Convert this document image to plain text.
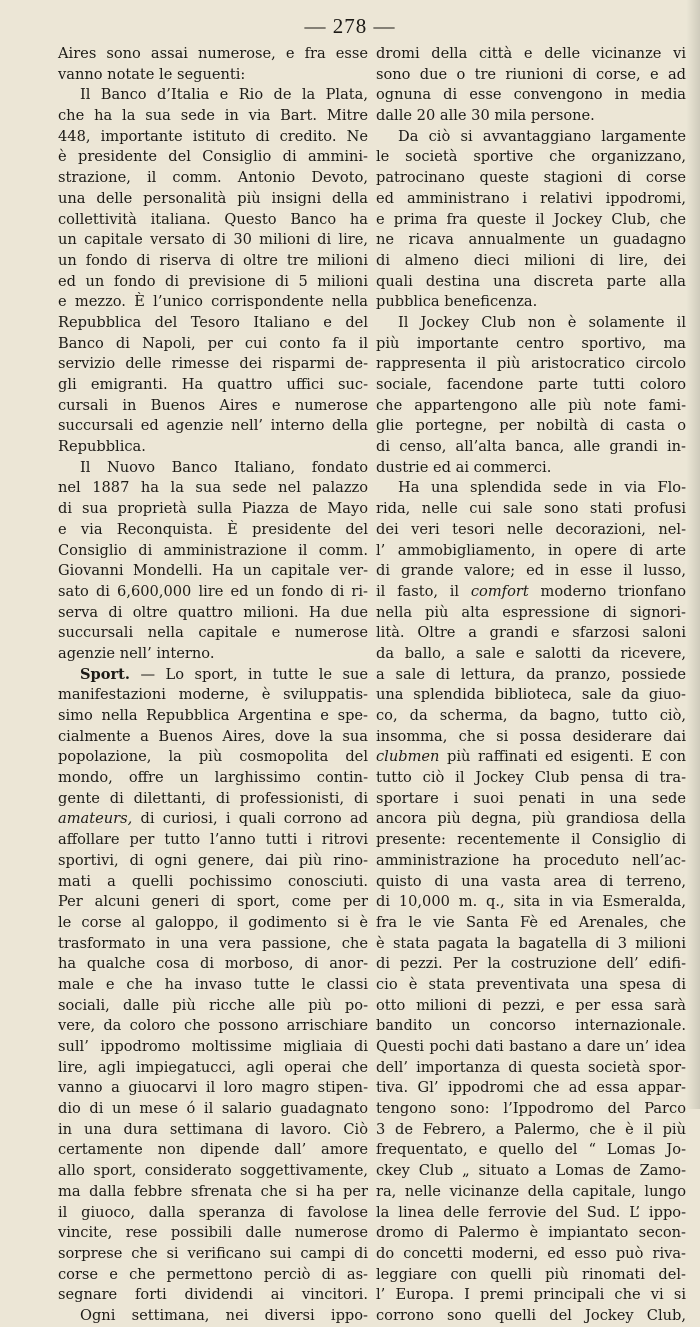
— 278 —
Aires sono assai numerose, e fra esse
vanno notate le seguenti:
Il Banco d’Italia e Rio de la Plata,
che ha la sua sede in via Bart. Mitre
448, importante istituto di credito. Ne
è presidente del Consiglio di ammini-
strazione, il comm. Antonio Devoto,
una delle personalità più insigni della
collettività italiana. Questo Banco ha
un capitale versato di 30 milioni di lire,
un fondo di riserva di oltre tre milioni
ed un fondo di previsione di 5 milioni
e mezzo. È l’unico corrispondente nella
Repubblica del Tesoro Italiano e del
Banco di Napoli, per cui conto fa il
servizio delle rimesse dei risparmi de-
gli emigranti. Ha quattro uffici suc-
cursali in Buenos Aires e numerose
succursali ed agenzie nell’ interno della
Repubblica.
Il Nuovo Banco Italiano, fondato
nel 1887 ha la sua sede nel palazzo
di sua proprietà sulla Piazza de Mayo
e via Reconquista. È presidente del
Consiglio di amministrazione il comm.
Giovanni Mondelli. Ha un capitale ver-
sato di 6,600,000 lire ed un fondo di ri-
serva di oltre quattro milioni. Ha due
succursali nella capitale e numerose
agenzie nell’ interno.
Sport. — Lo sport, in tutte le sue
manifestazioni moderne, è sviluppatis-
simo nella Repubblica Argentina e spe-
cialmente a Buenos Aires, dove la sua
popolazione, la più cosmopolita del
mondo, offre un larghissimo contin-
gente di dilettanti, di professionisti, di
amateurs, di curiosi, i quali corrono ad
affollare per tutto l’anno tutti i ritrovi
sportivi, di ogni genere, dai più rino-
mati a quelli pochissimo conosciuti.
Per alcuni generi di sport, come per
le corse al galoppo, il godimento si è
trasformato in una vera passione, che
ha qualche cosa di morboso, di anor-
male e che ha invaso tutte le classi
sociali, dalle più ricche alle più po-
vere, da coloro che possono arrischiare
sull’ ippodromo moltissime migliaia di
lire, agli impiegatucci, agli operai che
vanno a giuocarvi il loro magro stipen-
dio di un mese ó il salario guadagnato
in una dura settimana di lavoro. Ciò
certamente non dipende dall’ amore
allo sport, considerato soggettivamente,
ma dalla febbre sfrenata che si ha per
il giuoco, dalla speranza di favolose
vincite, rese possibili dalle numerose
sorprese che si verificano sui campi di
corse e che permettono perciò di as-
segnare forti dividendi ai vincitori.
Ogni settimana, nei diversi ippo-
dromi della città e delle vicinanze vi
sono due o tre riunioni di corse, e ad
ognuna di esse convengono in media
dalle 20 alle 30 mila persone.
Da ciò si avvantaggiano largamente
le società sportive che organizzano,
patrocinano queste stagioni di corse
ed amministrano i relativi ippodromi,
e prima fra queste il Jockey Club, che
ne ricava annualmente un guadagno
di almeno dieci milioni di lire, dei
quali destina una discreta parte alla
pubblica beneficenza.
Il Jockey Club non è solamente il
più importante centro sportivo, ma
rappresenta il più aristocratico circolo
sociale, facendone parte tutti coloro
che appartengono alle più note fami-
glie portegne, per nobiltà di casta o
di censo, all’alta banca, alle grandi in-
dustrie ed ai commerci.
Ha una splendida sede in via Flo-
rida, nelle cui sale sono stati profusi
dei veri tesori nelle decorazioni, nel-
l’ ammobigliamento, in opere di arte
di grande valore; ed in esse il lusso,
il fasto, il comfort moderno trionfano
nella più alta espressione di signori-
lità. Oltre a grandi e sfarzosi saloni
da ballo, a sale e salotti da ricevere,
a sale di lettura, da pranzo, possiede
una splendida biblioteca, sale da giuo-
co, da scherma, da bagno, tutto ciò,
insomma, che si possa desiderare dai
clubmen più raffinati ed esigenti. E con
tutto ciò il Jockey Club pensa di tra-
sportare i suoi penati in una sede
ancora più degna, più grandiosa della
presente: recentemente il Consiglio di
amministrazione ha proceduto nell’ac-
quisto di una vasta area di terreno,
di 10,000 m. q., sita in via Esmeralda,
fra le vie Santa Fè ed Arenales, che
è stata pagata la bagatella di 3 milioni
di pezzi. Per la costruzione dell’ edifi-
cio è stata preventivata una spesa di
otto milioni di pezzi, e per essa sarà
bandito un concorso internazionale.
Questi pochi dati bastano a dare un’ idea
dell’ importanza di questa società spor-
tiva. Gl’ ippodromi che ad essa appar-
tengono sono: l’Ippodromo del Parco
3 de Febrero, a Palermo, che è il più
frequentato, e quello del “ Lomas Jo-
ckey Club „ situato a Lomas de Zamo-
ra, nelle vicinanze della capitale, lungo
la linea delle ferrovie del Sud. L’ ippo-
dromo di Palermo è impiantato secon-
do concetti moderni, ed esso può riva-
leggiare con quelli più rinomati del-
l’ Europa. I premi principali che vi si
corrono sono quelli del Jockey Club,
